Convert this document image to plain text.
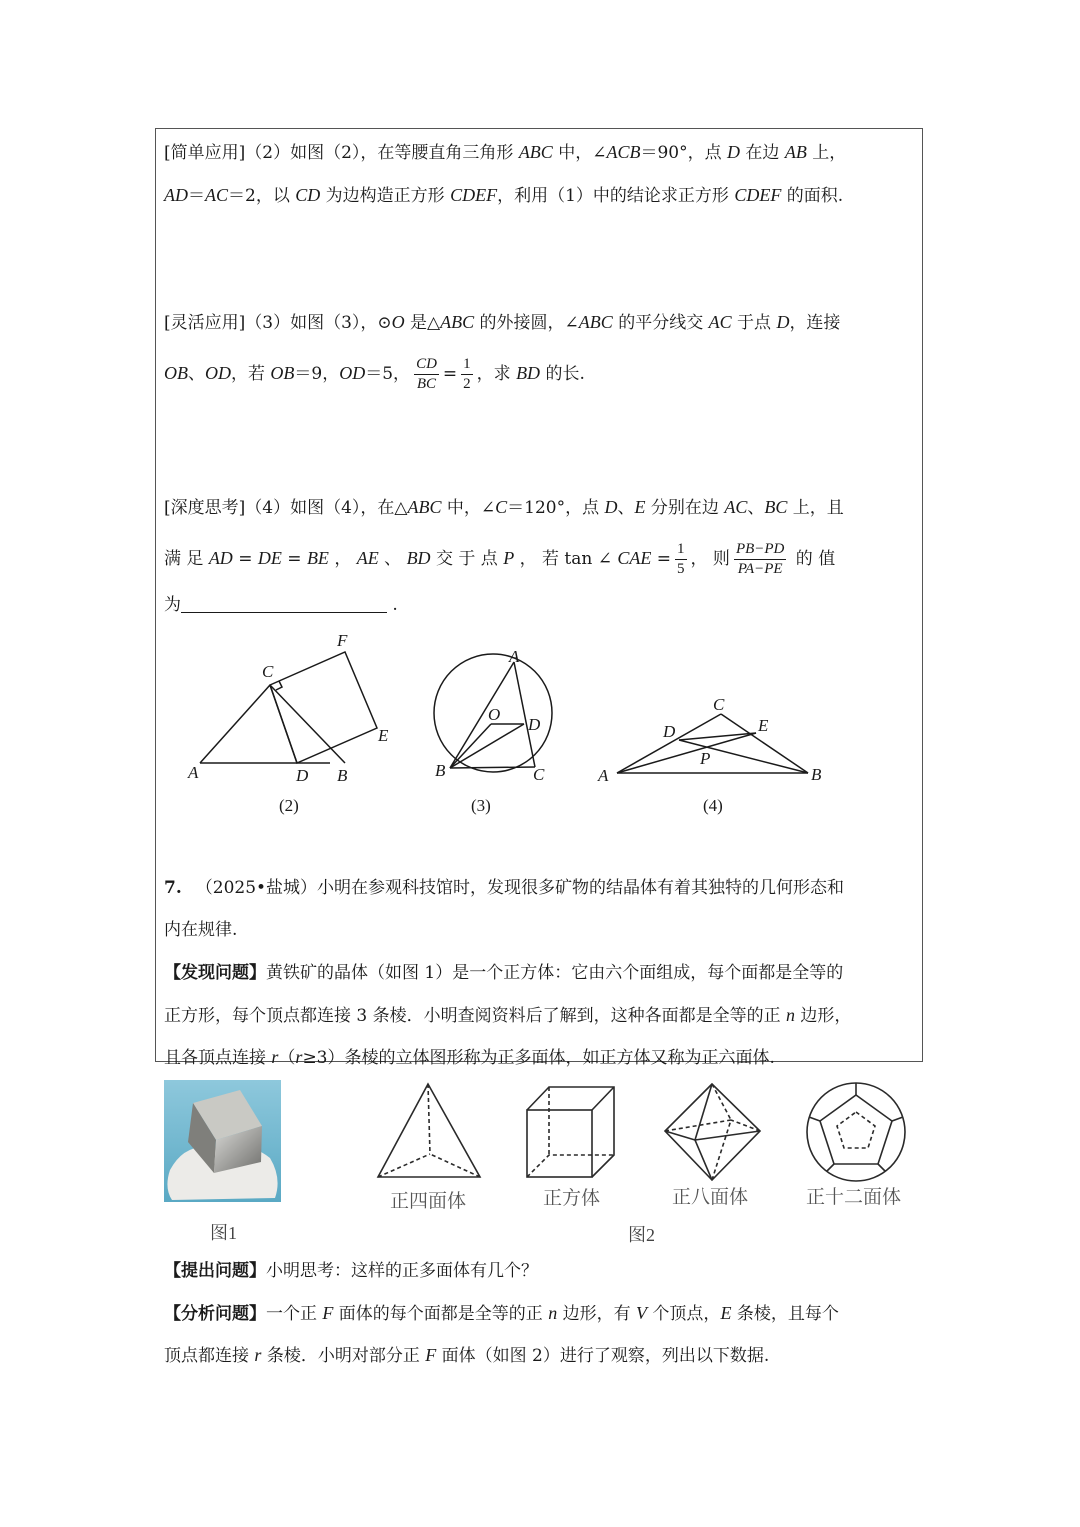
[简单应用]（2）如图（2），在等腰直角三角形 ABC 中，∠ACB＝90°，点 D 在边 AB 上，
AD＝AC＝2，以 CD 为边构造正方形 CDEF，利用（1）中的结论求正方形 CDEF 的面积.
[灵活应用]（3）如图（3），⊙O 是△ABC 的外接圆，∠ABC 的平分线交 AC 于点 D，连接
OB、OD，若 OB＝9，OD＝5， $\frac{CD}{BC} = \frac{1}{2}$ ，求 BD 的长.
[深度思考]（4）如图（4），在△ABC 中，∠C＝120°，点 D、E 分别在边 AC、BC 上，且
满 足 AD = DE = BE ， AE 、 BD 交 于 点 P ， 若 tan ∠ CAE = $\frac{1}{5}$ ， 则 $\frac{PB-PD}{PA-PE}$ 的 值
为	.
F
C
E
A	D B
(2)
A
O
D
B	C
(3)
C
D	E
P
A	B
(4)
7. （2025•盐城）小明在参观科技馆时，发现很多矿物的结晶体有着其独特的几何形态和
内在规律.
【发现问题】黄铁矿的晶体（如图 1）是一个正方体：它由六个面组成，每个面都是全等的
正方形，每个顶点都连接 3 条棱．小明查阅资料后了解到，这种各面都是全等的正 n 边形，
且各顶点连接 r（r≥3）条棱的立体图形称为正多面体，如正方体又称为正六面体.
图1
正四面体	正方体	正八面体	正十二面体
图2
【提出问题】小明思考：这样的正多面体有几个？
【分析问题】一个正 F 面体的每个面都是全等的正 n 边形，有 V 个顶点，E 条棱，且每个
顶点都连接 r 条棱．小明对部分正 F 面体（如图 2）进行了观察，列出以下数据.
